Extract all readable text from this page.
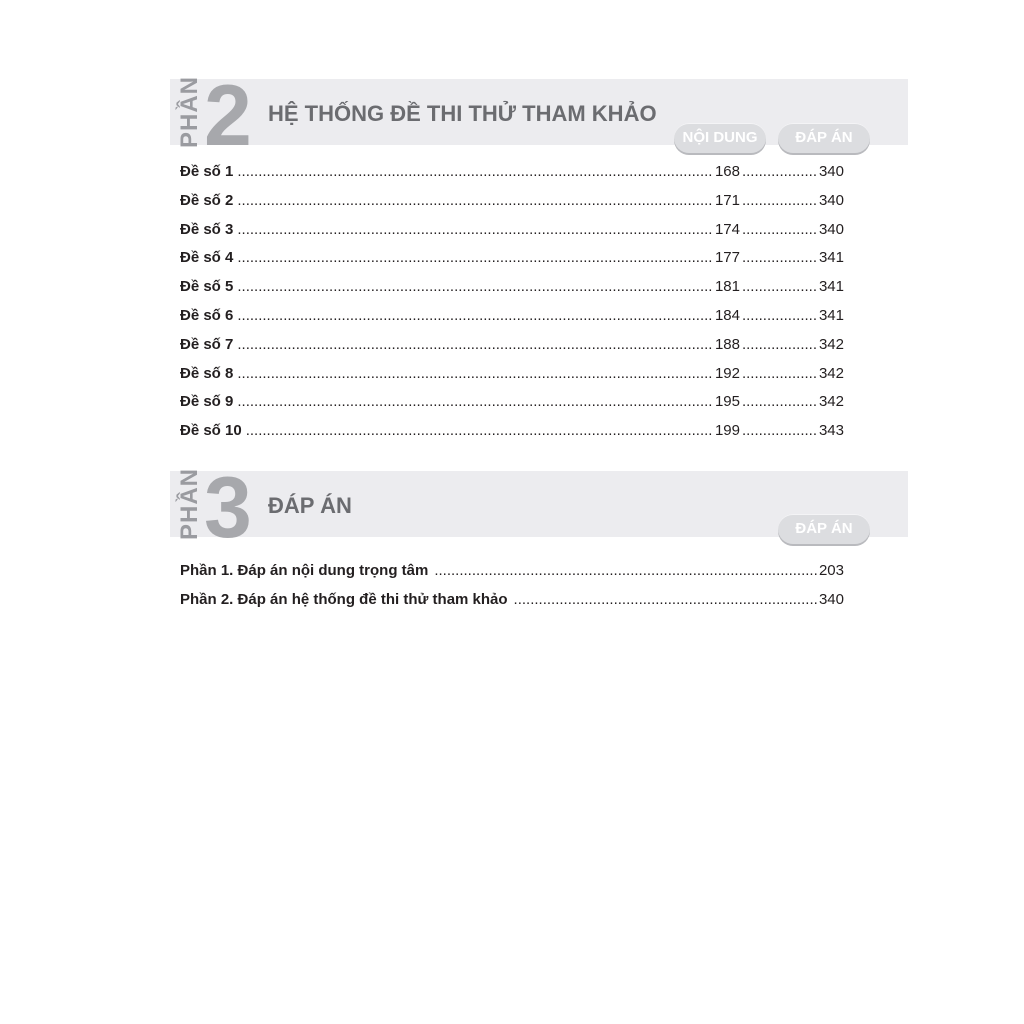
PHẦN 2 HỆ THỐNG ĐỀ THI THỬ THAM KHẢO
NỘI DUNG	ĐÁP ÁN
Đề số 1 .....	168 .....	340
Đề số 2 .....	171 .....	340
Đề số 3 .....	174 .....	340
Đề số 4 .....	177 .....	341
Đề số 5 .....	181 .....	341
Đề số 6 .....	184 .....	341
Đề số 7 .....	188 .....	342
Đề số 8 .....	192 .....	342
Đề số 9 .....	195 .....	342
Đề số 10 .....	199 .....	343
PHẦN 3 ĐÁP ÁN
ĐÁP ÁN
Phần 1. Đáp án nội dung trọng tâm .....	203
Phần 2. Đáp án hệ thống đề thi thử tham khảo .....	340
